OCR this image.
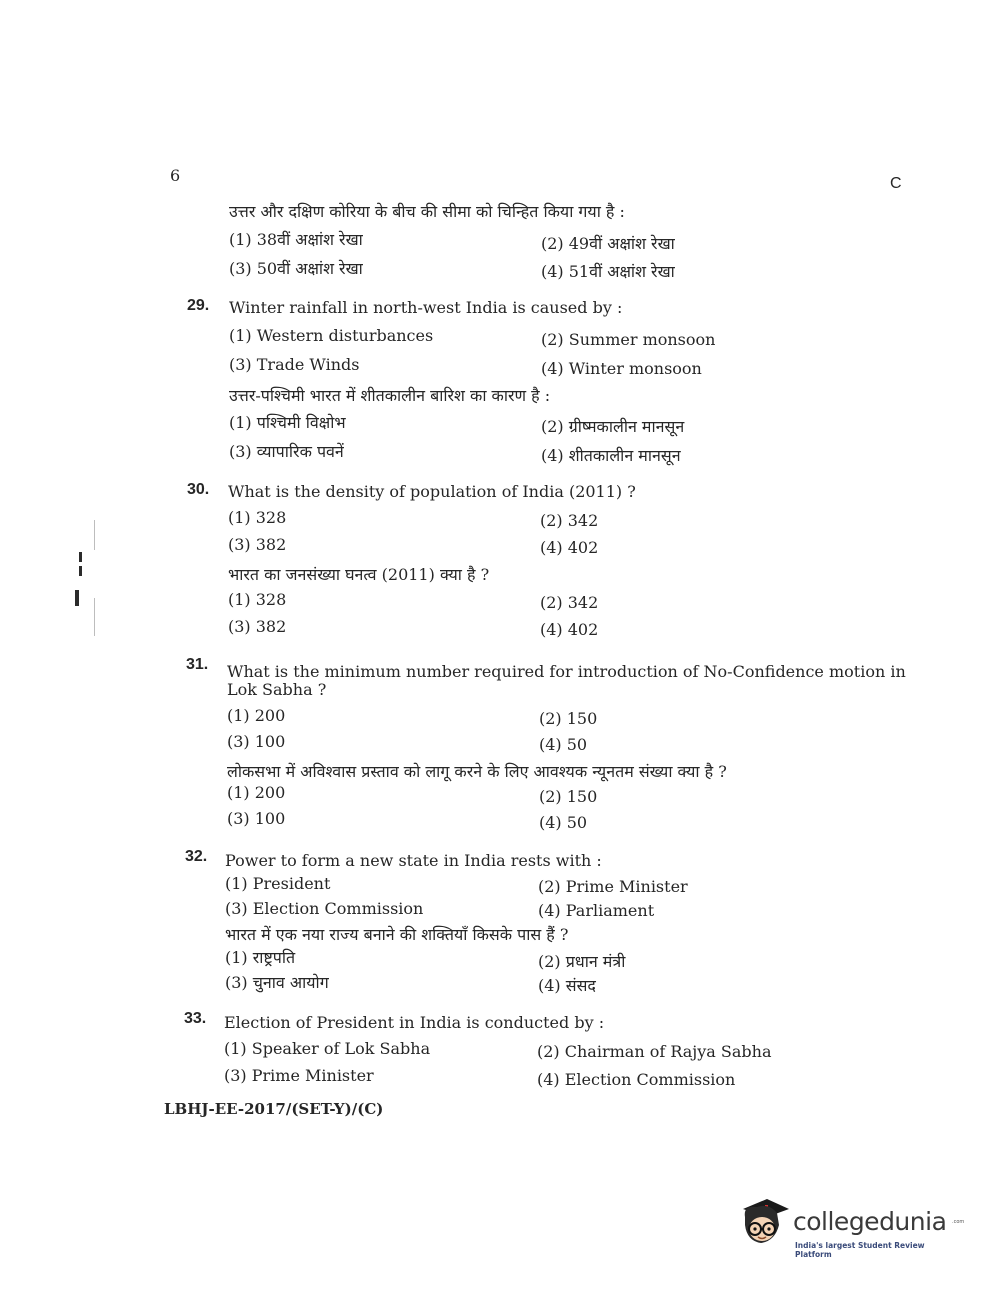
6	C
उत्तर और दक्षिण कोरिया के बीच की सीमा को चिन्हित किया गया है :
(1) 38वीं अक्षांश रेखा	(2) 49वीं अक्षांश रेखा
(3) 50वीं अक्षांश रेखा	(4) 51वीं अक्षांश रेखा
29. Winter rainfall in north-west India is caused by :
(1) Western disturbances	(2) Summer monsoon
(3) Trade Winds	(4) Winter monsoon
उत्तर-पश्चिमी भारत में शीतकालीन बारिश का कारण है :
(1) पश्चिमी विक्षोभ	(2) ग्रीष्मकालीन मानसून
(3) व्यापारिक पवनें	(4) शीतकालीन मानसून
30. What is the density of population of India (2011) ?
(1) 328	(2) 342
(3) 382	(4) 402
भारत का जनसंख्या घनत्व (2011) क्या है ?
(1) 328	(2) 342
(3) 382	(4) 402
31. What is the minimum number required for introduction of No-Confidence motion in
Lok Sabha ?
(1) 200	(2) 150
(3) 100	(4) 50
लोकसभा में अविश्वास प्रस्ताव को लागू करने के लिए आवश्यक न्यूनतम संख्या क्या है ?
(1) 200	(2) 150
(3) 100	(4) 50
32. Power to form a new state in India rests with :
(1) President	(2) Prime Minister
(3) Election Commission	(4) Parliament
भारत में एक नया राज्य बनाने की शक्तियाँ किसके पास हैं ?
(1) राष्ट्रपति	(2) प्रधान मंत्री
(3) चुनाव आयोग	(4) संसद
33. Election of President in India is conducted by :
(1) Speaker of Lok Sabha	(2) Chairman of Rajya Sabha
(3) Prime Minister	(4) Election Commission
LBHJ-EE-2017/(SET-Y)/(C)
collegedunia .com
India's largest Student Review Platform
